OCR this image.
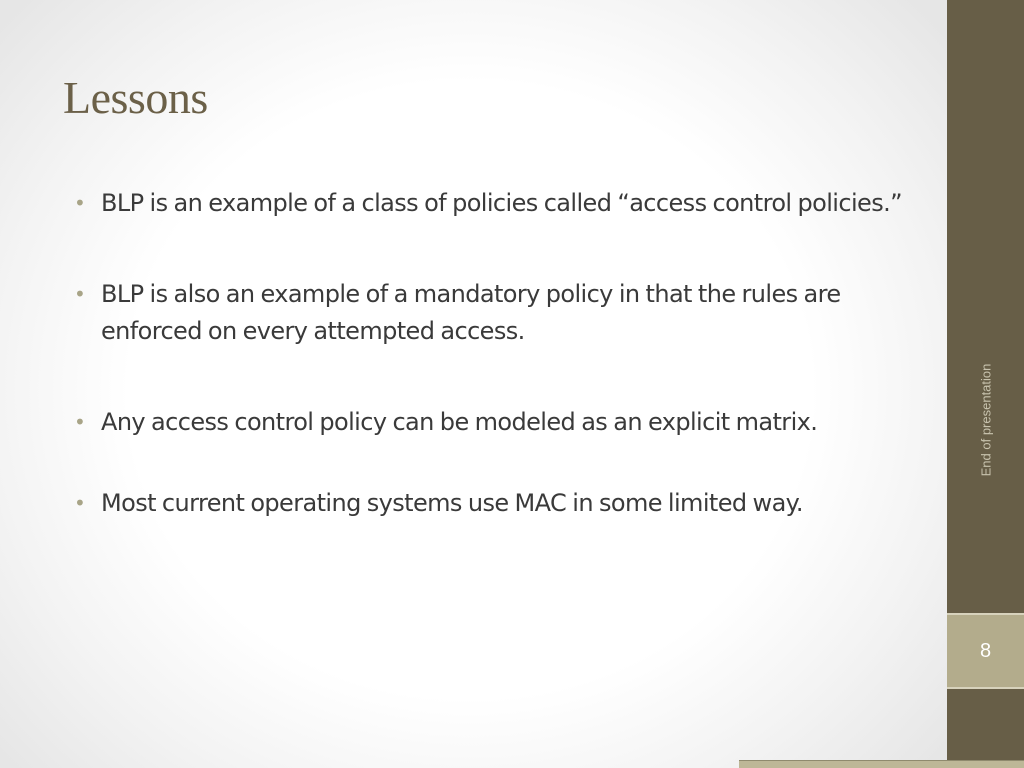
Lessons
• BLP is an example of a class of policies called “access control policies.”
• BLP is also an example of a mandatory policy in that the rules are enforced on every attempted access.
• Any access control policy can be modeled as an explicit matrix.
• Most current operating systems use MAC in some limited way.
End of presentation
8
